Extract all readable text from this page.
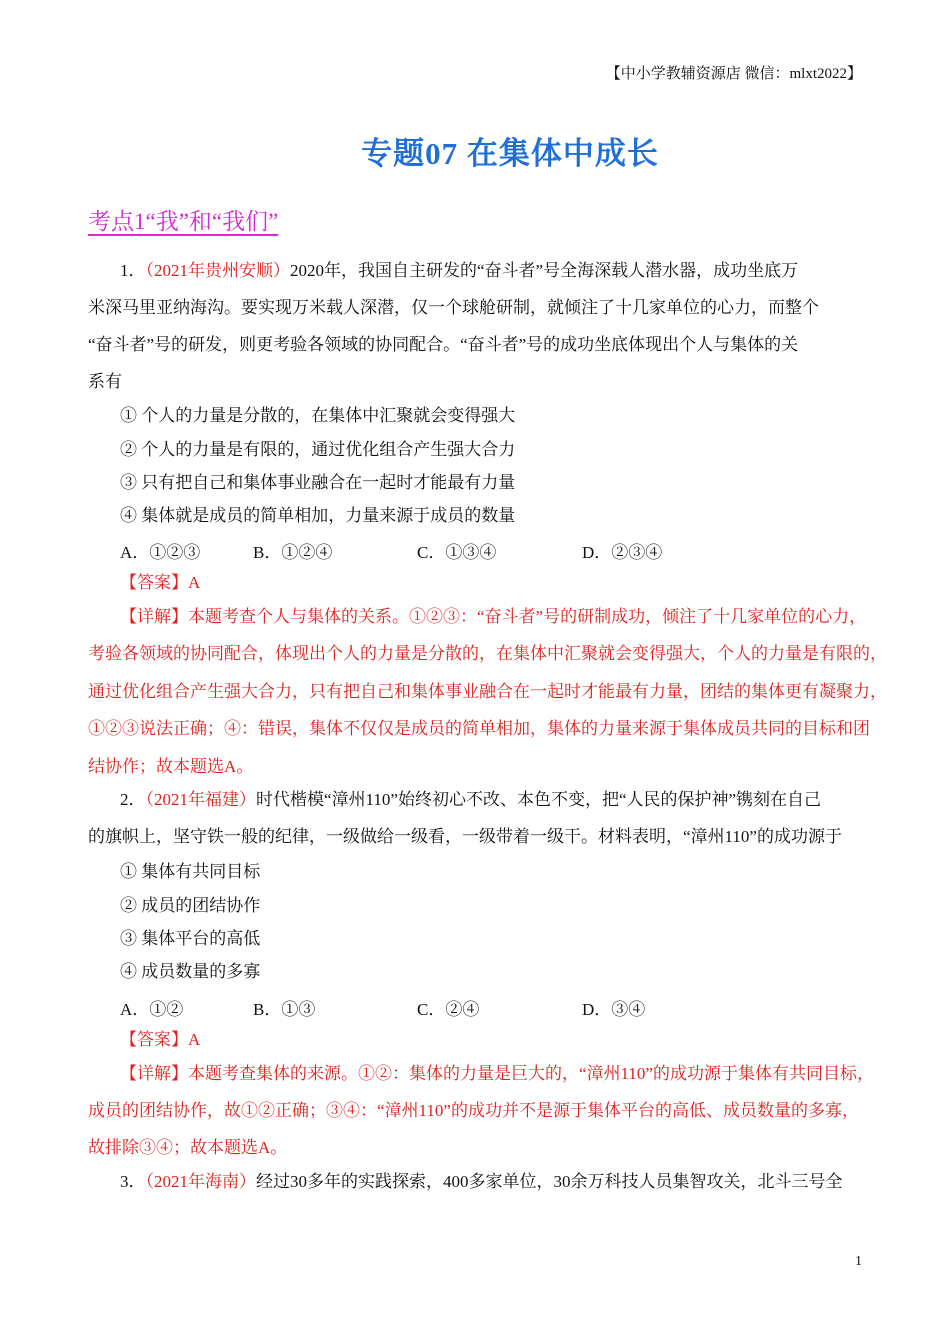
【中小学教辅资源店 微信：mlxt2022】
专题07 在集体中成长
考点1“我”和“我们”
1．（2021年贵州安顺）2020年，我国自主研发的“奋斗者”号全海深载人潜水器，成功坐底万
米深马里亚纳海沟。要实现万米载人深潜，仅一个球舱研制，就倾注了十几家单位的心力，而整个
“奋斗者”号的研发，则更考验各领域的协同配合。“奋斗者”号的成功坐底体现出个人与集体的关
系有
① 个人的力量是分散的，在集体中汇聚就会变得强大
② 个人的力量是有限的，通过优化组合产生强大合力
③ 只有把自己和集体事业融合在一起时才能最有力量
④ 集体就是成员的简单相加，力量来源于成员的数量
A．①②③	B．①②④	C．①③④	D．②③④
【答案】A
【详解】本题考查个人与集体的关系。①②③：“奋斗者”号的研制成功，倾注了十几家单位的心力，
考验各领域的协同配合，体现出个人的力量是分散的，在集体中汇聚就会变得强大，个人的力量是有限的，
通过优化组合产生强大合力，只有把自己和集体事业融合在一起时才能最有力量，团结的集体更有凝聚力，
①②③说法正确；④：错误，集体不仅仅是成员的简单相加，集体的力量来源于集体成员共同的目标和团
结协作；故本题选A。
2．（2021年福建）时代楷模“漳州110”始终初心不改、本色不变，把“人民的保护神”镌刻在自己
的旗帜上，坚守铁一般的纪律，一级做给一级看，一级带着一级干。材料表明，“漳州110”的成功源于
① 集体有共同目标
② 成员的团结协作
③ 集体平台的高低
④ 成员数量的多寡
A．①②	B．①③	C．②④	D．③④
【答案】A
【详解】本题考查集体的来源。①②：集体的力量是巨大的，“漳州110”的成功源于集体有共同目标，
成员的团结协作，故①②正确；③④：“漳州110”的成功并不是源于集体平台的高低、成员数量的多寡，
故排除③④；故本题选A。
3．（2021年海南）经过30多年的实践探索，400多家单位，30余万科技人员集智攻关，北斗三号全
1
